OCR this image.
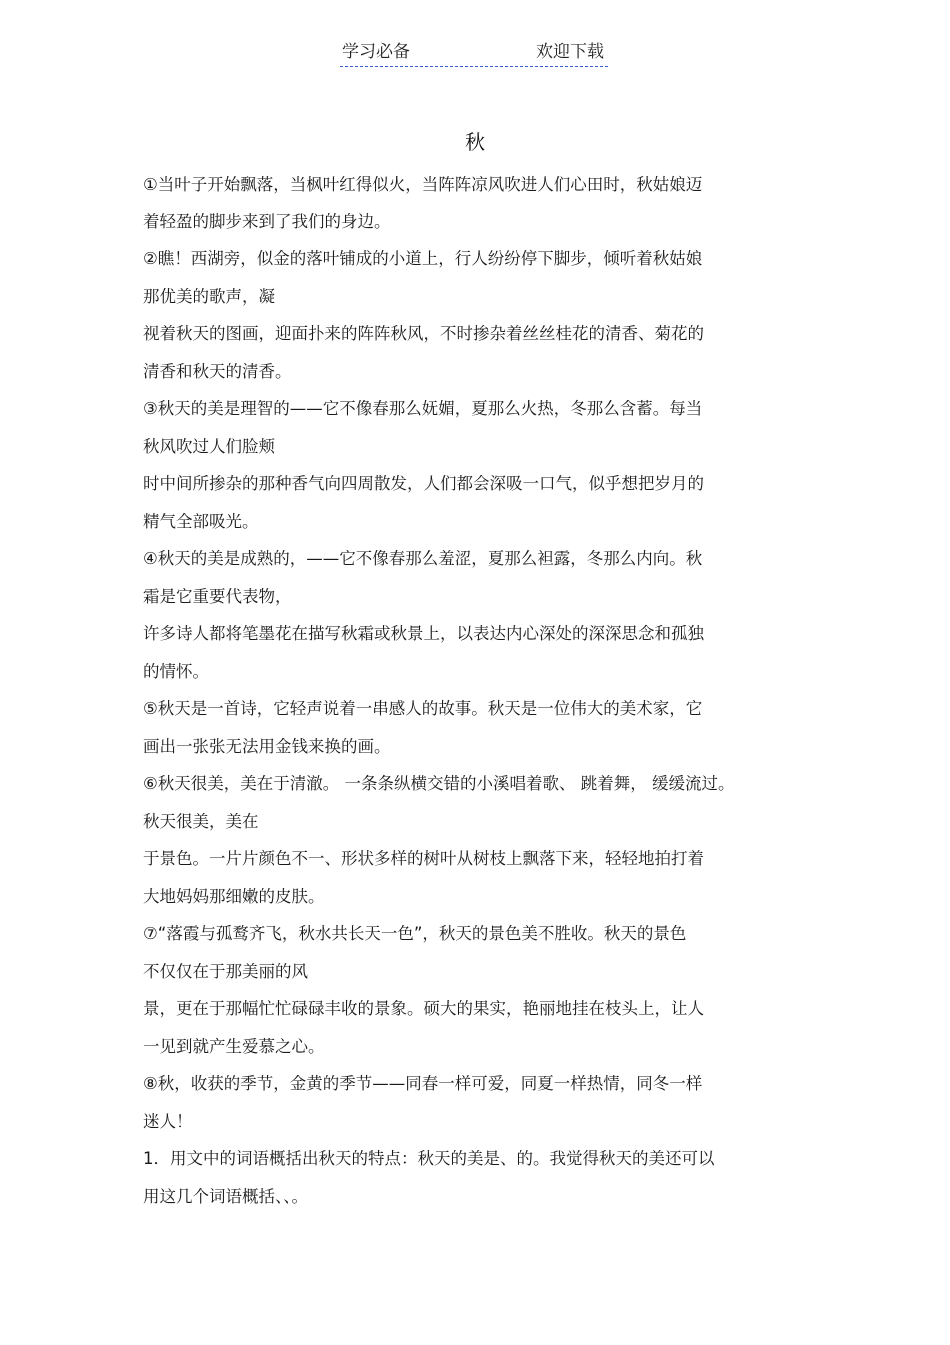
学习必备	欢迎下载
秋
①当叶子开始飘落，当枫叶红得似火，当阵阵凉风吹进人们心田时，秋姑娘迈
着轻盈的脚步来到了我们的身边。
②瞧！西湖旁，似金的落叶铺成的小道上，行人纷纷停下脚步，倾听着秋姑娘
那优美的歌声，凝
视着秋天的图画，迎面扑来的阵阵秋风，不时掺杂着丝丝桂花的清香、菊花的
清香和秋天的清香。
③秋天的美是理智的——它不像春那么妩媚，夏那么火热，冬那么含蓄。每当
秋风吹过人们脸颊
时中间所掺杂的那种香气向四周散发，人们都会深吸一口气，似乎想把岁月的
精气全部吸光。
④秋天的美是成熟的，——它不像春那么羞涩，夏那么袒露，冬那么内向。秋
霜是它重要代表物，
许多诗人都将笔墨花在描写秋霜或秋景上，以表达内心深处的深深思念和孤独
的情怀。
⑤秋天是一首诗，它轻声说着一串感人的故事。秋天是一位伟大的美术家，它
画出一张张无法用金钱来换的画。
⑥秋天很美，美在于清澈。 一条条纵横交错的小溪唱着歌、 跳着舞， 缓缓流过。
秋天很美，美在
于景色。一片片颜色不一、形状多样的树叶从树枝上飘落下来，轻轻地拍打着
大地妈妈那细嫩的皮肤。
⑦“落霞与孤鹜齐飞，秋水共长天一色”，秋天的景色美不胜收。秋天的景色
不仅仅在于那美丽的风
景，更在于那幅忙忙碌碌丰收的景象。硕大的果实，艳丽地挂在枝头上，让人
一见到就产生爱慕之心。
⑧秋，收获的季节，金黄的季节——同春一样可爱，同夏一样热情，同冬一样
迷人！
1．用文中的词语概括出秋天的特点：秋天的美是、的。我觉得秋天的美还可以
用这几个词语概括、、。
